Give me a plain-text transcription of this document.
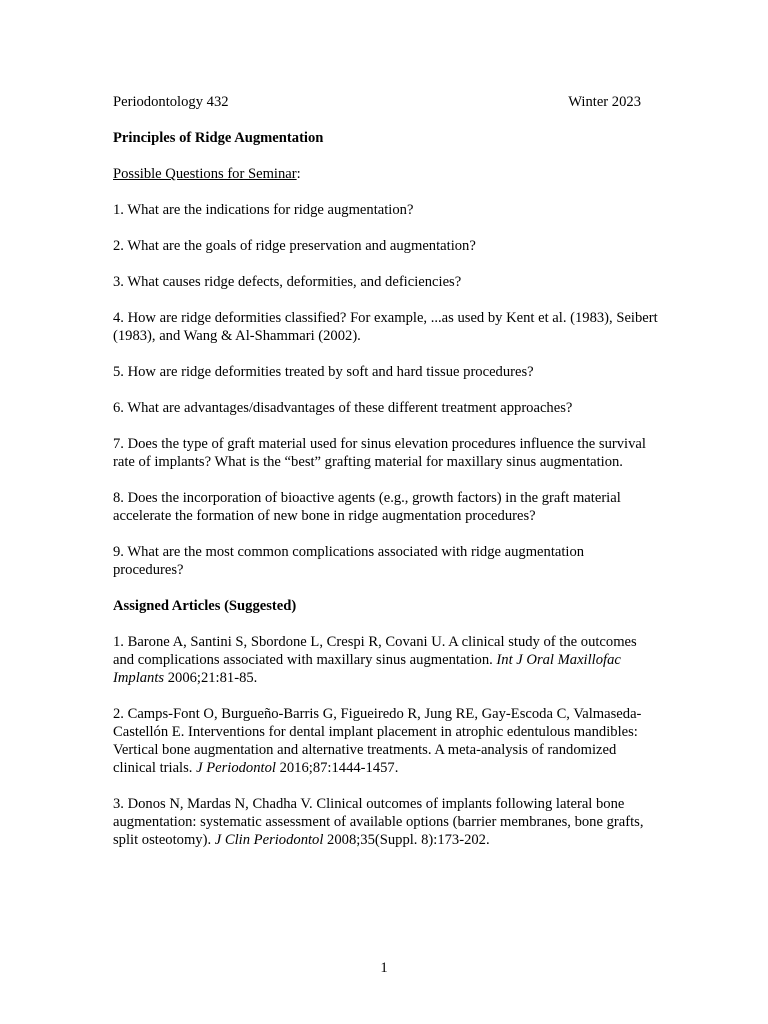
Periodontology 432	Winter 2023
Principles of Ridge Augmentation
Possible Questions for Seminar:
1. What are the indications for ridge augmentation?
2. What are the goals of ridge preservation and augmentation?
3. What causes ridge defects, deformities, and deficiencies?
4. How are ridge deformities classified? For example, ...as used by Kent et al. (1983), Seibert (1983), and Wang & Al-Shammari (2002).
5. How are ridge deformities treated by soft and hard tissue procedures?
6. What are advantages/disadvantages of these different treatment approaches?
7. Does the type of graft material used for sinus elevation procedures influence the survival rate of implants? What is the “best” grafting material for maxillary sinus augmentation.
8. Does the incorporation of bioactive agents (e.g., growth factors) in the graft material accelerate the formation of new bone in ridge augmentation procedures?
9. What are the most common complications associated with ridge augmentation procedures?
Assigned Articles (Suggested)
1. Barone A, Santini S, Sbordone L, Crespi R, Covani U. A clinical study of the outcomes and complications associated with maxillary sinus augmentation. Int J Oral Maxillofac Implants 2006;21:81-85.
2. Camps-Font O, Burgueño-Barris G, Figueiredo R, Jung RE, Gay-Escoda C, Valmaseda-Castellón E. Interventions for dental implant placement in atrophic edentulous mandibles: Vertical bone augmentation and alternative treatments. A meta-analysis of randomized clinical trials. J Periodontol 2016;87:1444-1457.
3. Donos N, Mardas N, Chadha V. Clinical outcomes of implants following lateral bone augmentation: systematic assessment of available options (barrier membranes, bone grafts, split osteotomy). J Clin Periodontol 2008;35(Suppl. 8):173-202.
1
